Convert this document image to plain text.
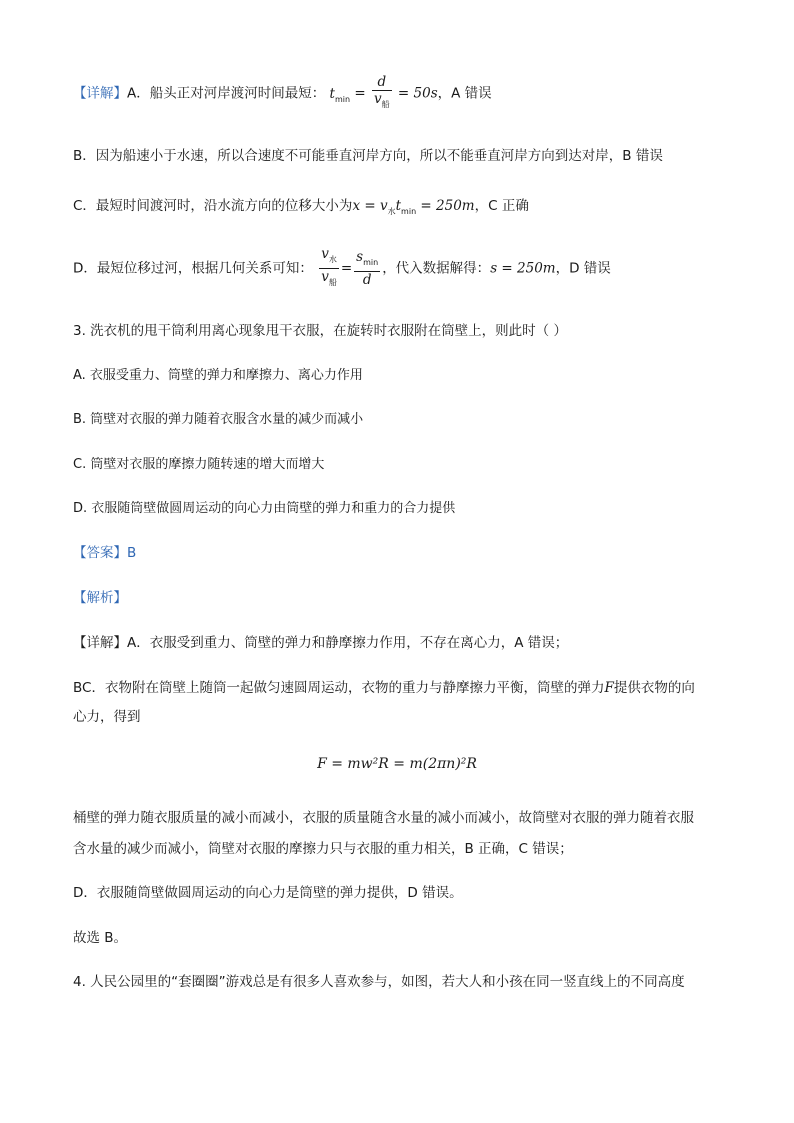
【详解】A．船头正对河岸渡河时间最短： $t_{min} = \frac{d}{v_船} = 50s$，A 错误
B．因为船速小于水速，所以合速度不可能垂直河岸方向，所以不能垂直河岸方向到达对岸，B 错误
C．最短时间渡河时，沿水流方向的位移大小为$x = v_水t_{min} = 250m$，C 正确
D．最短位移过河，根据几何关系可知： $\frac{v_水}{v_船} = \frac{s_{min}}{d}$ ，代入数据解得：s = 250m，D 错误
3. 洗衣机的甩干筒利用离心现象甩干衣服，在旋转时衣服附在筒壁上，则此时（ ）
A. 衣服受重力、筒壁的弹力和摩擦力、离心力作用
B. 筒壁对衣服的弹力随着衣服含水量的减少而减小
C. 筒壁对衣服的摩擦力随转速的增大而增大
D. 衣服随筒壁做圆周运动的向心力由筒壁的弹力和重力的合力提供
【答案】B
【解析】
【详解】A．衣服受到重力、筒壁的弹力和静摩擦力作用，不存在离心力，A 错误；
BC．衣物附在筒壁上随筒一起做匀速圆周运动，衣物的重力与静摩擦力平衡，筒壁的弹力F提供衣物的向
心力，得到
F = mw²R = m(2πn)²R
桶壁的弹力随衣服质量的减小而减小，衣服的质量随含水量的减小而减小，故筒壁对衣服的弹力随着衣服
含水量的减少而减小，筒壁对衣服的摩擦力只与衣服的重力相关，B 正确，C 错误；
D．衣服随筒壁做圆周运动的向心力是筒壁的弹力提供，D 错误。
故选 B。
4. 人民公园里的“套圈圈”游戏总是有很多人喜欢参与，如图，若大人和小孩在同一竖直线上的不同高度
